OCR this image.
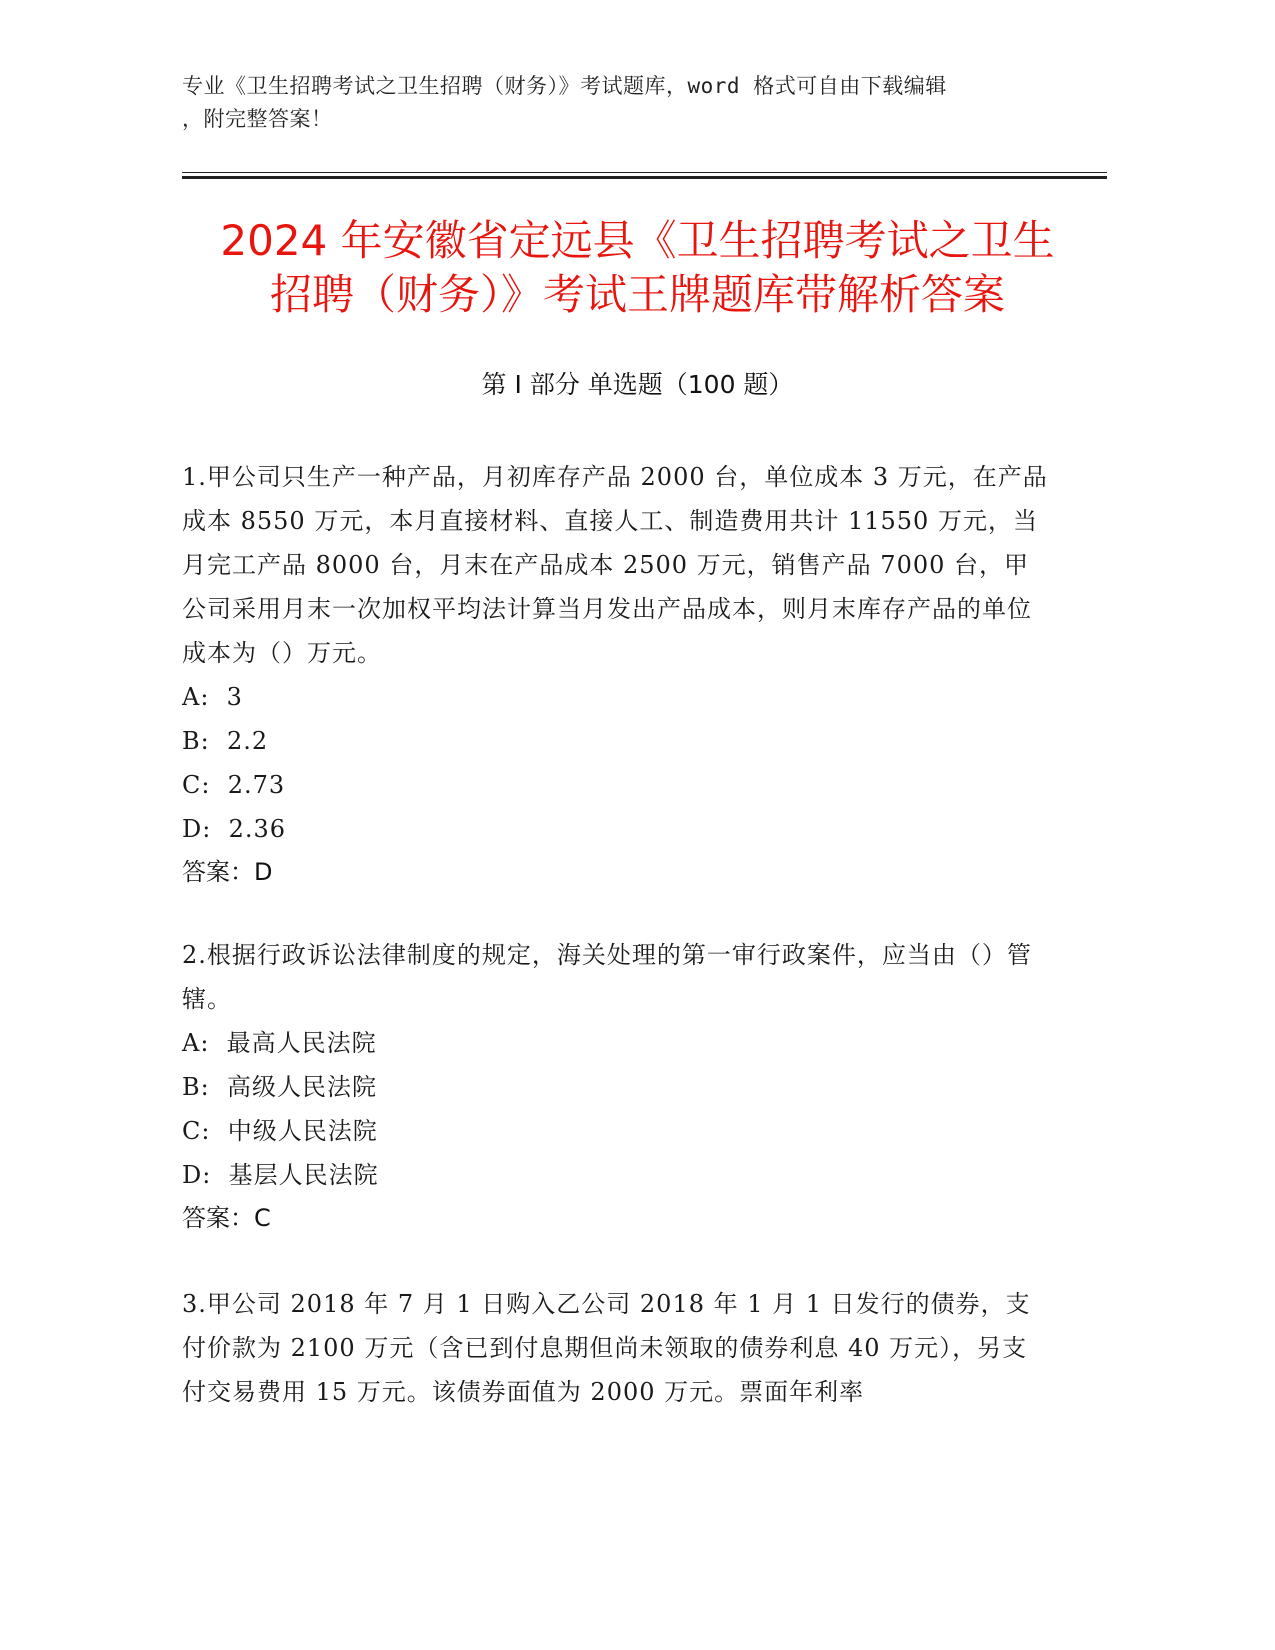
专业《卫生招聘考试之卫生招聘（财务）》考试题库，word 格式可自由下载编辑
，附完整答案！
2024 年安徽省定远县《卫生招聘考试之卫生
招聘（财务）》考试王牌题库带解析答案
第 I 部分 单选题（100 题）
1.甲公司只生产一种产品，月初库存产品 2000 台，单位成本 3 万元，在产品成本 8550 万元，本月直接材料、直接人工、制造费用共计 11550 万元，当月完工产品 8000 台，月末在产品成本 2500 万元，销售产品 7000 台，甲公司采用月末一次加权平均法计算当月发出产品成本，则月末库存产品的单位成本为（）万元。
A:  3
B:  2.2
C:  2.73
D:  2.36
答案：D
2.根据行政诉讼法律制度的规定，海关处理的第一审行政案件，应当由（）管辖。
A:  最高人民法院
B:  高级人民法院
C:  中级人民法院
D:  基层人民法院
答案：C
3.甲公司 2018 年 7 月 1 日购入乙公司 2018 年 1 月 1 日发行的债券，支付价款为 2100 万元（含已到付息期但尚未领取的债券利息 40 万元），另支付交易费用 15 万元。该债券面值为 2000 万元。票面年利率
